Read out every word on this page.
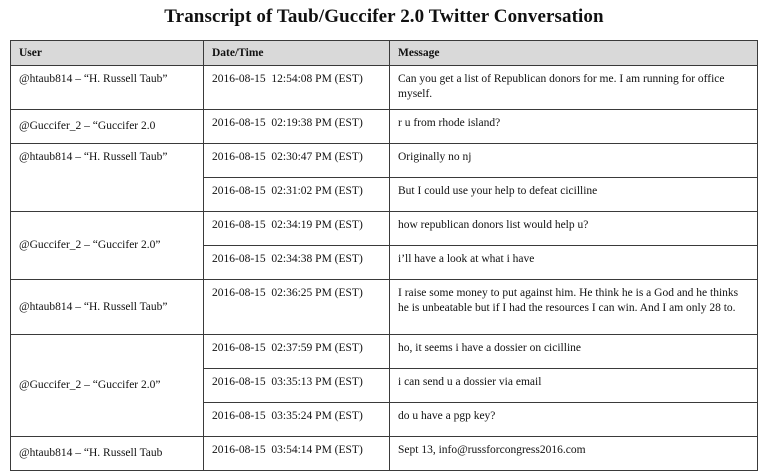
Transcript of Taub/Guccifer 2.0 Twitter Conversation
User	Date/Time	Message
@htaub814 – “H. Russell Taub”	2016-08-15  12:54:08 PM (EST)	Can you get a list of Republican donors for me. I am running for office myself.
@Guccifer_2 – “Guccifer 2.0	2016-08-15  02:19:38 PM (EST)	r u from rhode island?
@htaub814 – “H. Russell Taub”	2016-08-15  02:30:47 PM (EST)	Originally no nj
	2016-08-15  02:31:02 PM (EST)	But I could use your help to defeat cicilline
@Guccifer_2 – “Guccifer 2.0”	2016-08-15  02:34:19 PM (EST)	how republican donors list would help u?
	2016-08-15  02:34:38 PM (EST)	i’ll have a look at what i have
@htaub814 – “H. Russell Taub”	2016-08-15  02:36:25 PM (EST)	I raise some money to put against him. He think he is a God and he thinks he is unbeatable but if I had the resources I can win. And I am only 28 to.
@Guccifer_2 – “Guccifer 2.0”	2016-08-15  02:37:59 PM (EST)	ho, it seems i have a dossier on cicilline
	2016-08-15  03:35:13 PM (EST)	i can send u a dossier via email
	2016-08-15  03:35:24 PM (EST)	do u have a pgp key?
@htaub814 – “H. Russell Taub	2016-08-15  03:54:14 PM (EST)	Sept 13, info@russforcongress2016.com
